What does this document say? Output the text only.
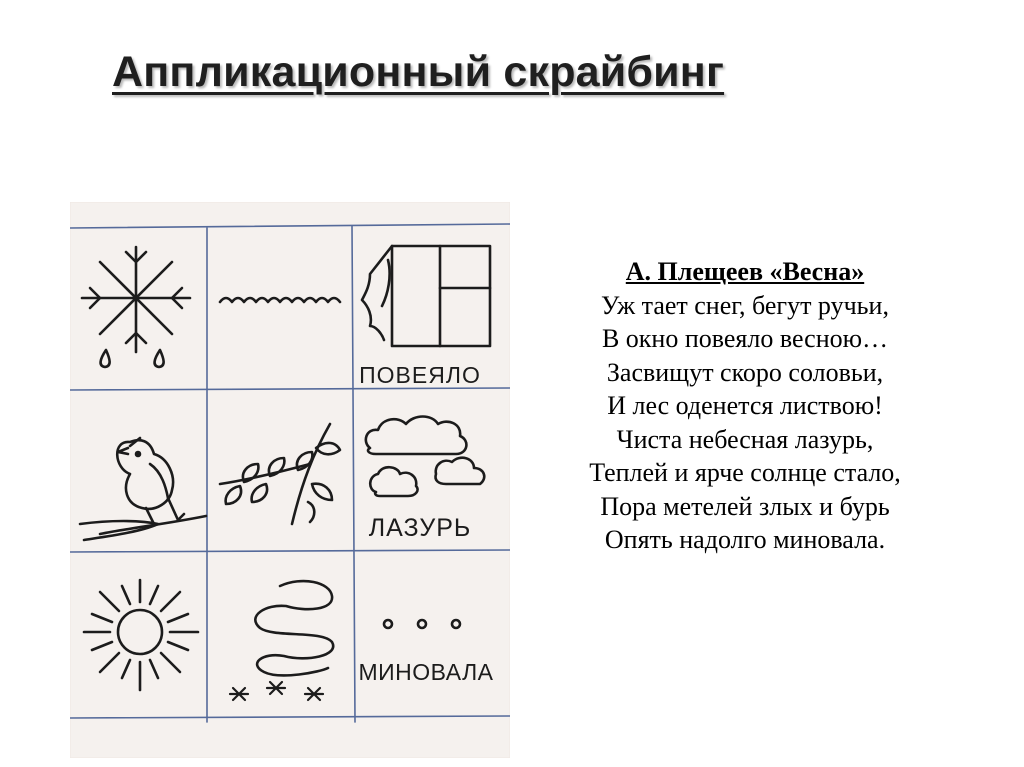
Аппликационный скрайбинг
ПОВЕЯЛО
ЛАЗУРЬ
МИНОВАЛА
А. Плещеев «Весна»
Уж тает снег, бегут ручьи,
В окно повеяло весною…
Засвищут скоро соловьи,
И лес оденется листвою!
Чиста небесная лазурь,
Теплей и ярче солнце стало,
Пора метелей злых и бурь
Опять надолго миновала.
